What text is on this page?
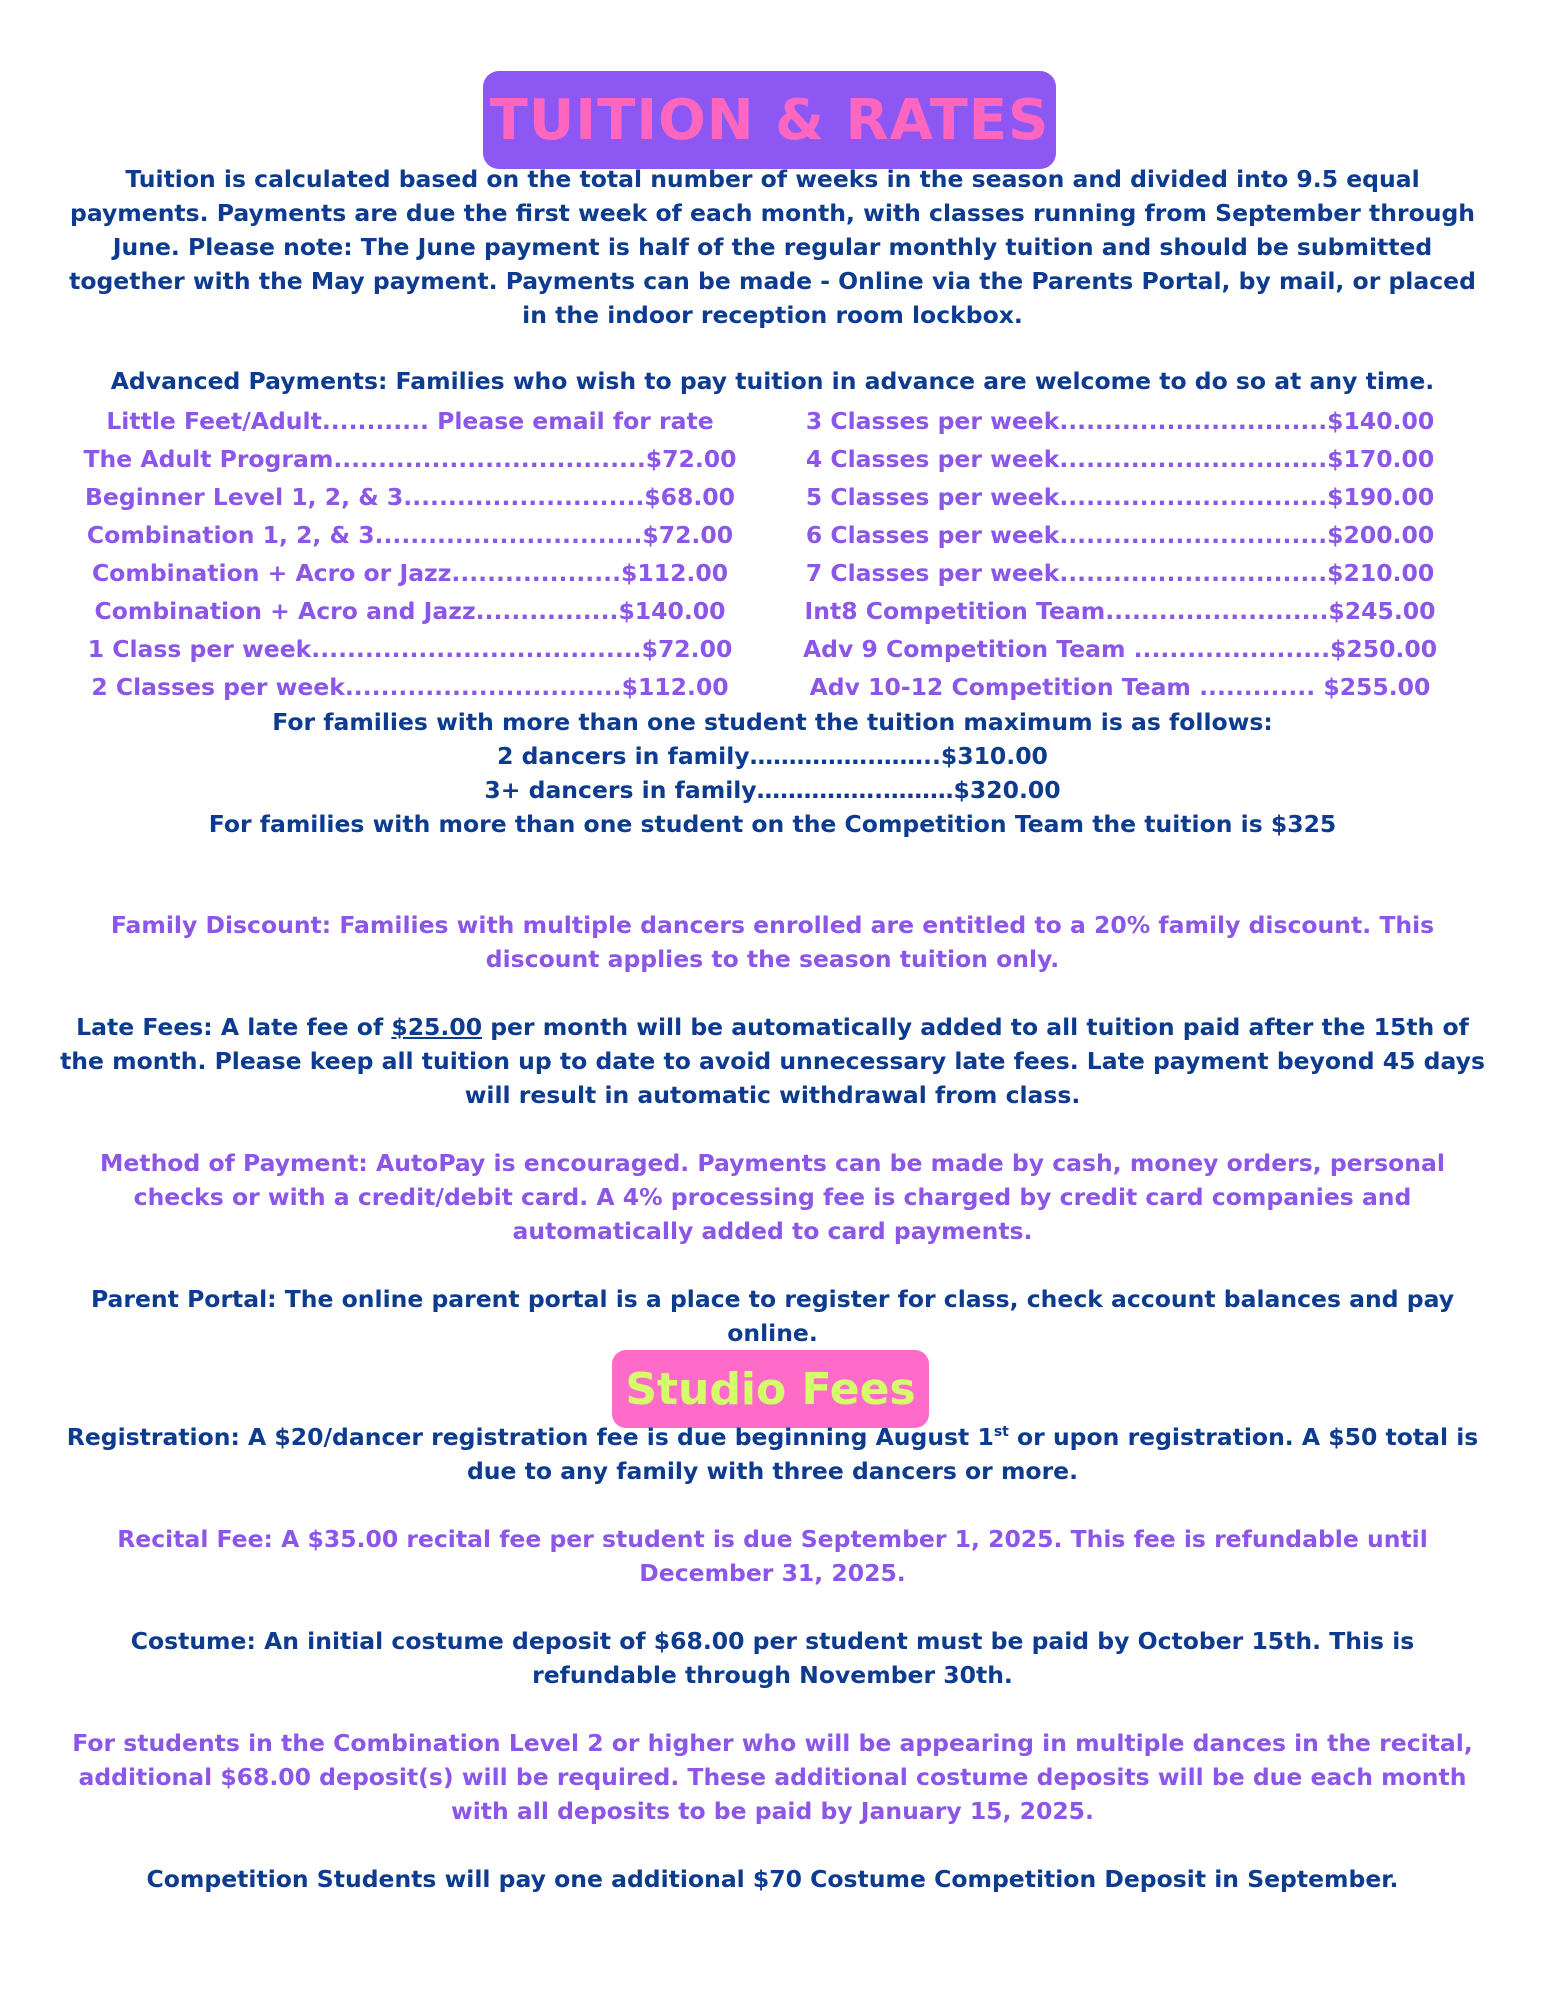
TUITION & RATES
Tuition is calculated based on the total number of weeks in the season and divided into 9.5 equal payments. Payments are due the first week of each month, with classes running from September through June. Please note: The June payment is half of the regular monthly tuition and should be submitted together with the May payment. Payments can be made - Online via the Parents Portal, by mail, or placed in the indoor reception room lockbox.
Advanced Payments: Families who wish to pay tuition in advance are welcome to do so at any time.
Little Feet/Adult............ Please email for rate
The Adult Program...................................$72.00
Beginner Level 1, 2, & 3...........................$68.00
Combination 1, 2, & 3..............................$72.00
Combination + Acro or Jazz...................$112.00
Combination + Acro and Jazz................$140.00
1 Class per week.....................................$72.00
2 Classes per week...............................$112.00
3 Classes per week..............................$140.00
4 Classes per week..............................$170.00
5 Classes per week..............................$190.00
6 Classes per week..............................$200.00
7 Classes per week..............................$210.00
Int8 Competition Team.........................$245.00
Adv 9 Competition Team ......................$250.00
Adv 10-12 Competition Team ............. $255.00
For families with more than one student the tuition maximum is as follows:
2 dancers in family…………….……..$310.00
3+ dancers in family…………….………$320.00
For families with more than one student on the Competition Team the tuition is $325
Family Discount: Families with multiple dancers enrolled are entitled to a 20% family discount. This discount applies to the season tuition only.
Late Fees: A late fee of $25.00 per month will be automatically added to all tuition paid after the 15th of the month. Please keep all tuition up to date to avoid unnecessary late fees. Late payment beyond 45 days will result in automatic withdrawal from class.
Method of Payment: AutoPay is encouraged. Payments can be made by cash, money orders, personal checks or with a credit/debit card. A 4% processing fee is charged by credit card companies and automatically added to card payments.
Parent Portal: The online parent portal is a place to register for class, check account balances and pay online.
Studio Fees
Registration: A $20/dancer registration fee is due beginning August 1st or upon registration. A $50 total is due to any family with three dancers or more.
Recital Fee: A $35.00 recital fee per student is due September 1, 2025. This fee is refundable until December 31, 2025.
Costume: An initial costume deposit of $68.00 per student must be paid by October 15th. This is refundable through November 30th.
For students in the Combination Level 2 or higher who will be appearing in multiple dances in the recital, additional $68.00 deposit(s) will be required. These additional costume deposits will be due each month with all deposits to be paid by January 15, 2025.
Competition Students will pay one additional $70 Costume Competition Deposit in September.
